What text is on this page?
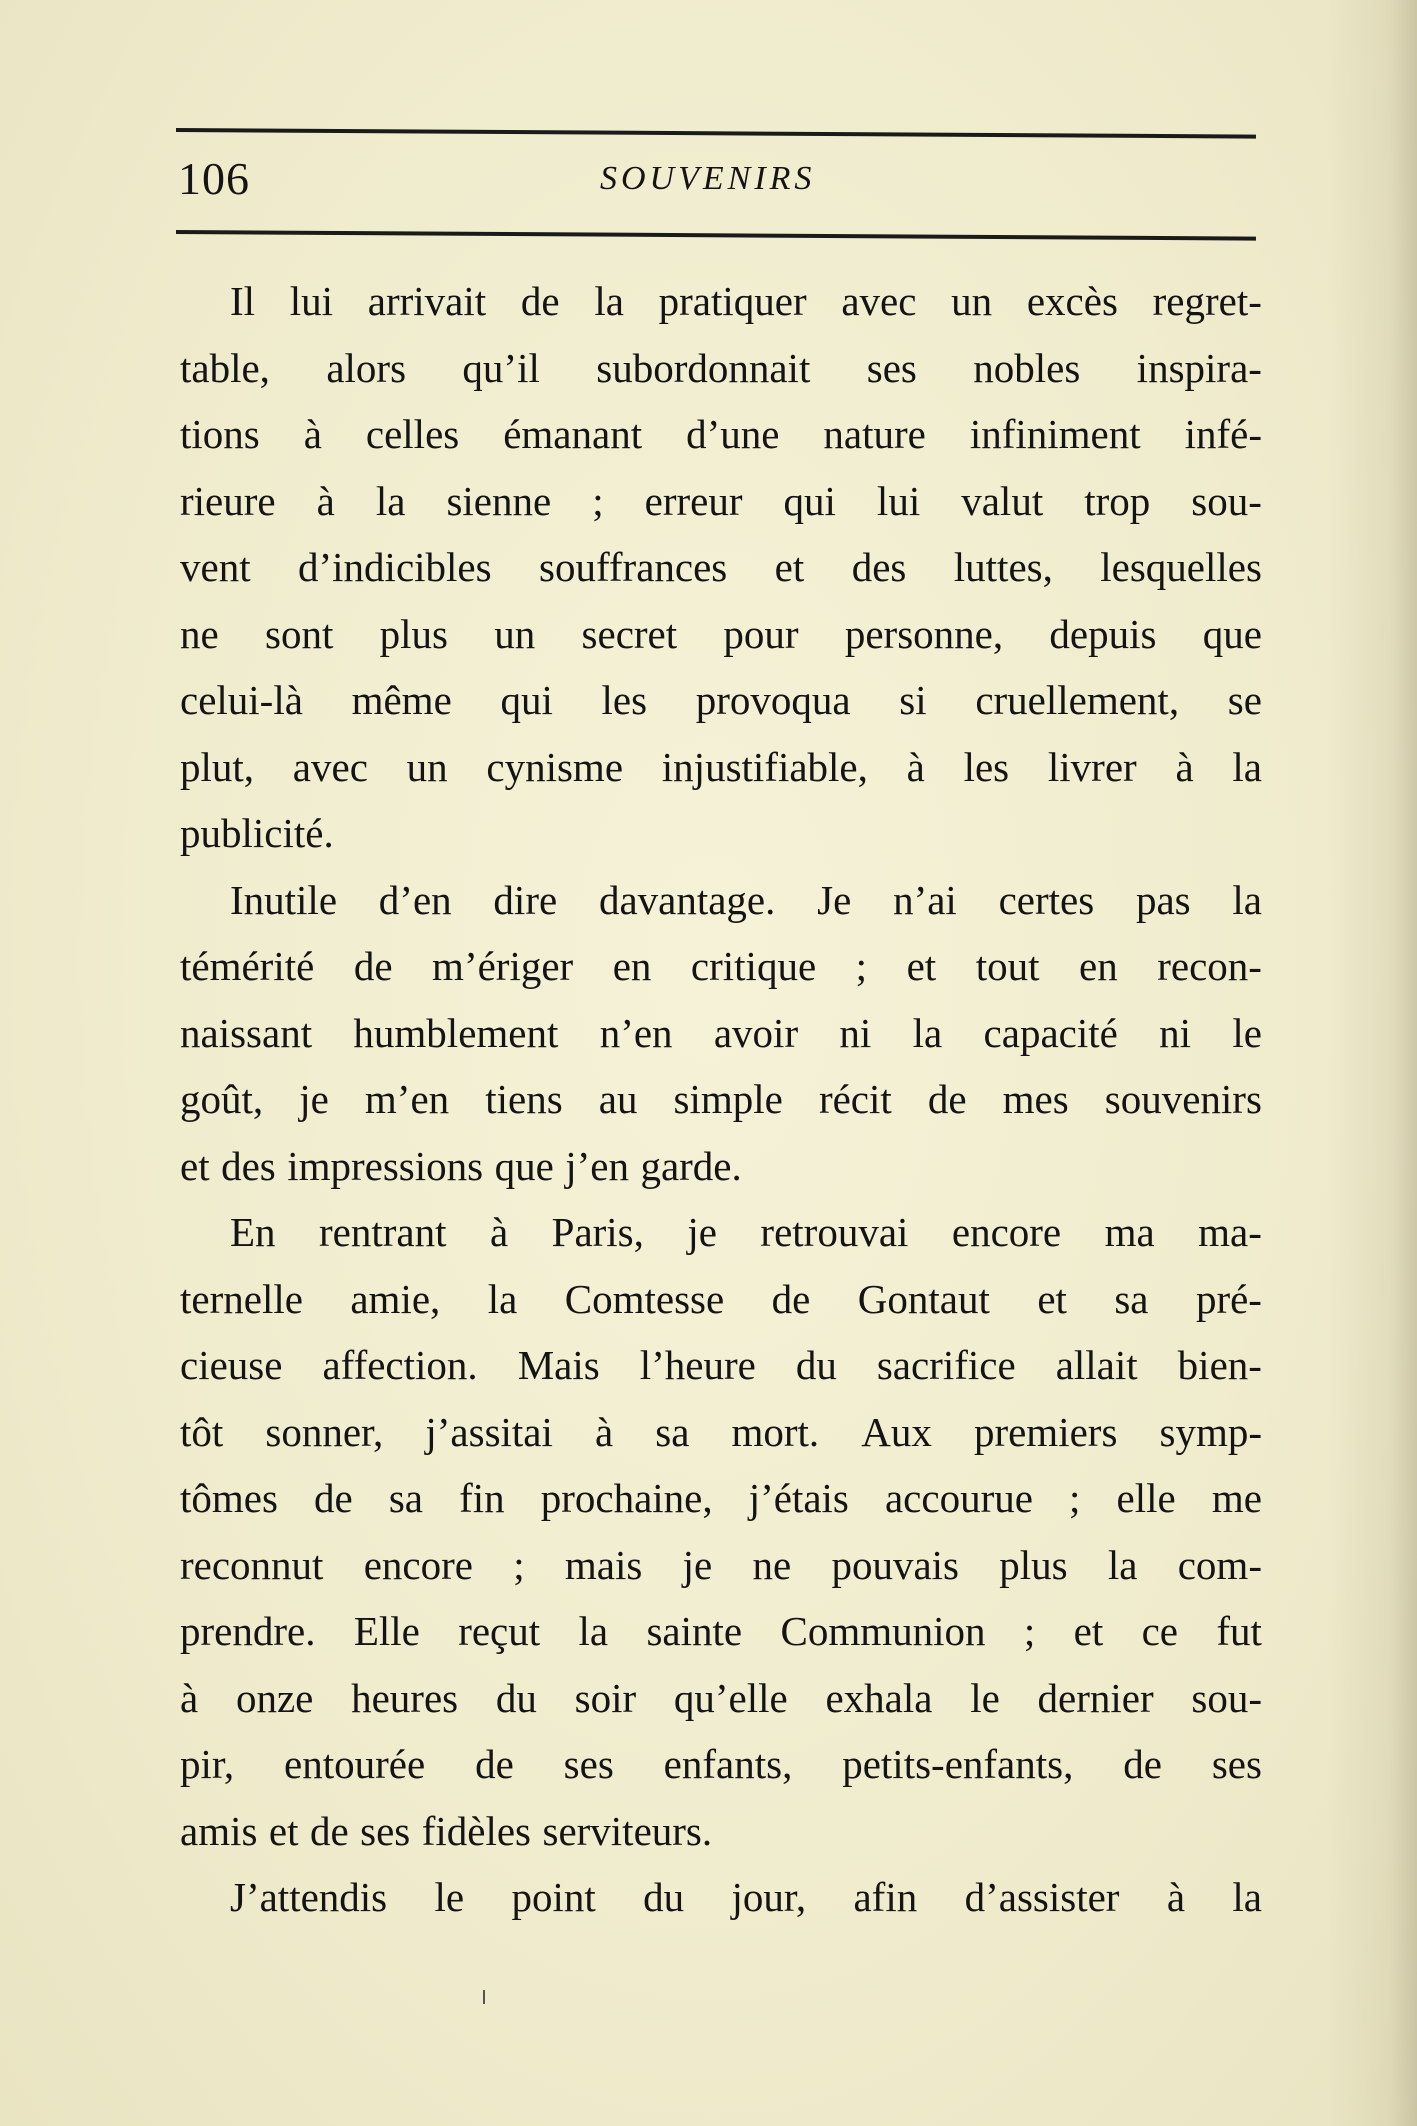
106	SOUVENIRS
Il lui arrivait de la pratiquer avec un excès regret-
table, alors qu’il subordonnait ses nobles inspira-
tions à celles émanant d’une nature infiniment infé-
rieure à la sienne ; erreur qui lui valut trop sou-
vent d’indicibles souffrances et des luttes, lesquelles
ne sont plus un secret pour personne, depuis que
celui-là même qui les provoqua si cruellement, se
plut, avec un cynisme injustifiable, à les livrer à la
publicité.
Inutile d’en dire davantage. Je n’ai certes pas la
témérité de m’ériger en critique ; et tout en recon-
naissant humblement n’en avoir ni la capacité ni le
goût, je m’en tiens au simple récit de mes souvenirs
et des impressions que j’en garde.
En rentrant à Paris, je retrouvai encore ma ma-
ternelle amie, la Comtesse de Gontaut et sa pré-
cieuse affection. Mais l’heure du sacrifice allait bien-
tôt sonner, j’assitai à sa mort. Aux premiers symp-
tômes de sa fin prochaine, j’étais accourue ; elle me
reconnut encore ; mais je ne pouvais plus la com-
prendre. Elle reçut la sainte Communion ; et ce fut
à onze heures du soir qu’elle exhala le dernier sou-
pir, entourée de ses enfants, petits-enfants, de ses
amis et de ses fidèles serviteurs.
J’attendis le point du jour, afin d’assister à la
